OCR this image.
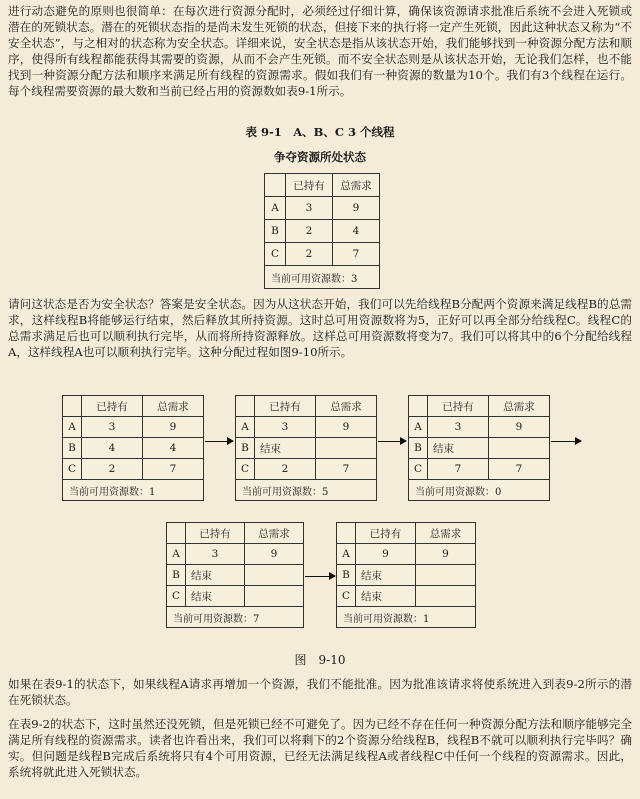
进行动态避免的原则也很简单：在每次进行资源分配时，必须经过仔细计算，确保该资源请求批准后系统不会进入死锁或潜在的死锁状态。潜在的死锁状态指的是尚未发生死锁的状态，但接下来的执行将一定产生死锁，因此这种状态又称为“不安全状态”，与之相对的状态称为安全状态。详细来说，安全状态是指从该状态开始，我们能够找到一种资源分配方法和顺序，使得所有线程都能获得其需要的资源，从而不会产生死锁。而不安全状态则是从该状态开始，无论我们怎样，也不能找到一种资源分配方法和顺序来满足所有线程的资源需求。假如我们有一种资源的数量为10个。我们有3个线程在运行。每个线程需要资源的最大数和当前已经占用的资源数如表9-1所示。

表 9-1　A、B、C 3 个线程
争夺资源所处状态
	已持有	总需求
A	3	9
B	2	4
C	2	7
当前可用资源数：3		

请问这状态是否为安全状态？答案是安全状态。因为从这状态开始，我们可以先给线程B分配两个资源来满足线程B的总需求，这样线程B将能够运行结束，然后释放其所持资源。这时总可用资源数将为5，正好可以再全部分给线程C。线程C的总需求满足后也可以顺利执行完毕，从而将所持资源释放。这样总可用资源数将变为7。我们可以将其中的6个分配给线程A，这样线程A也可以顺利执行完毕。这种分配过程如图9-10所示。

	已持有	总需求
A	3	9
B	4	4
C	2	7
当前可用资源数：1		
	已持有	总需求
A	3	9
B	结束	
C	2	7
当前可用资源数：5		
	已持有	总需求
A	3	9
B	结束	
C	7	7
当前可用资源数：0		
	已持有	总需求
A	3	9
B	结束	
C	结束	
当前可用资源数：7		
	已持有	总需求
A	9	9
B	结束	
C	结束	
当前可用资源数：1		
图　9-10

如果在表9-1的状态下，如果线程A请求再增加一个资源，我们不能批准。因为批准该请求将使系统进入到表9-2所示的潜在死锁状态。

在表9-2的状态下，这时虽然还没死锁，但是死锁已经不可避免了。因为已经不存在任何一种资源分配方法和顺序能够完全满足所有线程的资源需求。读者也许看出来，我们可以将剩下的2个资源分给线程B，线程B不就可以顺利执行完毕吗？确实。但问题是线程B完成后系统将只有4个可用资源，已经无法满足线程A或者线程C中任何一个线程的资源需求。因此，系统将就此进入死锁状态。
